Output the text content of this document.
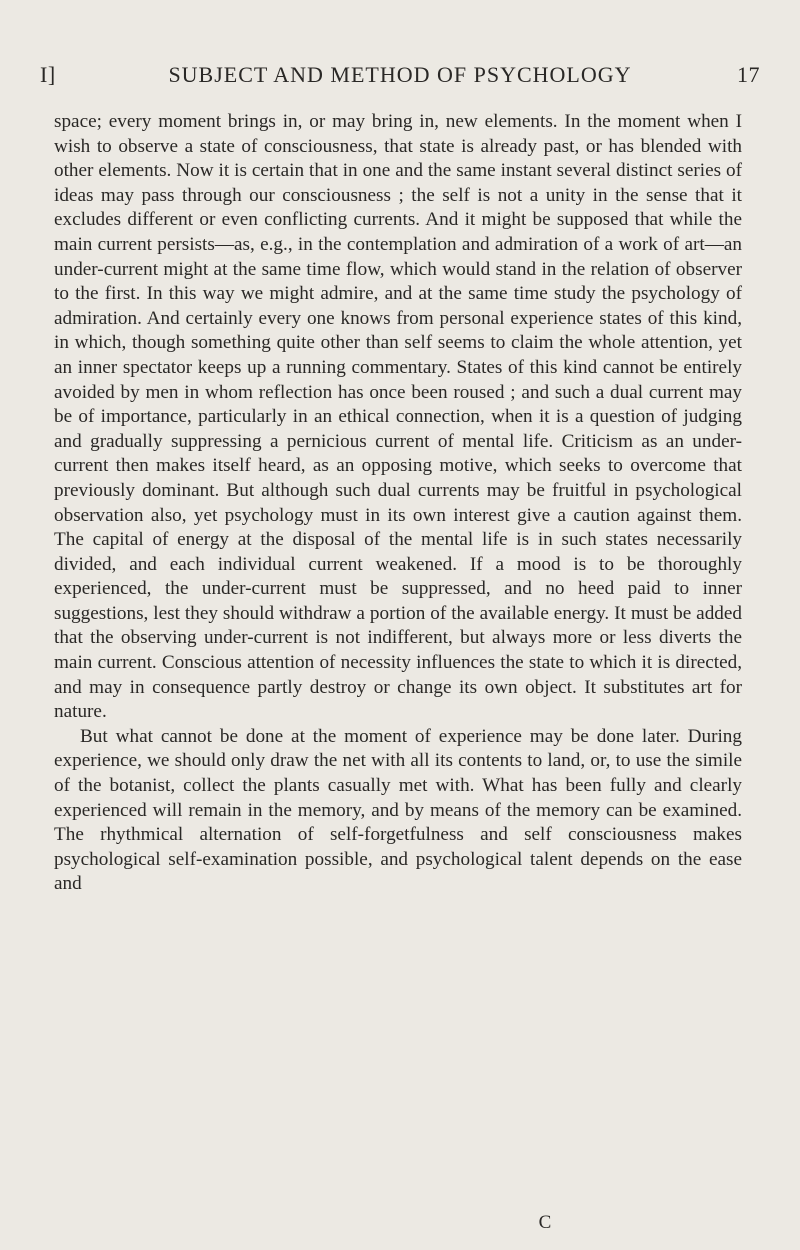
I]	SUBJECT AND METHOD OF PSYCHOLOGY	17

space; every moment brings in, or may bring in, new elements. In the moment when I wish to observe a state of consciousness, that state is already past, or has blended with other elements. Now it is certain that in one and the same instant several distinct series of ideas may pass through our consciousness ; the self is not a unity in the sense that it excludes different or even conflicting currents. And it might be supposed that while the main current persists—as, e.g., in the contemplation and admiration of a work of art—an under-current might at the same time flow, which would stand in the relation of observer to the first. In this way we might admire, and at the same time study the psychology of admiration. And certainly every one knows from personal experience states of this kind, in which, though something quite other than self seems to claim the whole attention, yet an inner spectator keeps up a running commentary. States of this kind cannot be entirely avoided by men in whom reflection has once been roused ; and such a dual current may be of importance, particularly in an ethical connection, when it is a question of judging and gradually suppressing a pernicious current of mental life. Criticism as an under-current then makes itself heard, as an opposing motive, which seeks to overcome that previously dominant. But although such dual currents may be fruitful in psychological observation also, yet psychology must in its own interest give a caution against them. The capital of energy at the disposal of the mental life is in such states necessarily divided, and each individual current weakened. If a mood is to be thoroughly experienced, the under-current must be suppressed, and no heed paid to inner suggestions, lest they should withdraw a portion of the available energy. It must be added that the observing under-current is not indifferent, but always more or less diverts the main current. Conscious attention of necessity influences the state to which it is directed, and may in consequence partly destroy or change its own object. It substitutes art for nature.

But what cannot be done at the moment of experience may be done later. During experience, we should only draw the net with all its contents to land, or, to use the simile of the botanist, collect the plants casually met with. What has been fully and clearly experienced will remain in the memory, and by means of the memory can be examined. The rhythmical alternation of self-forgetfulness and self consciousness makes psychological self-examination possible, and psychological talent depends on the ease and

C
